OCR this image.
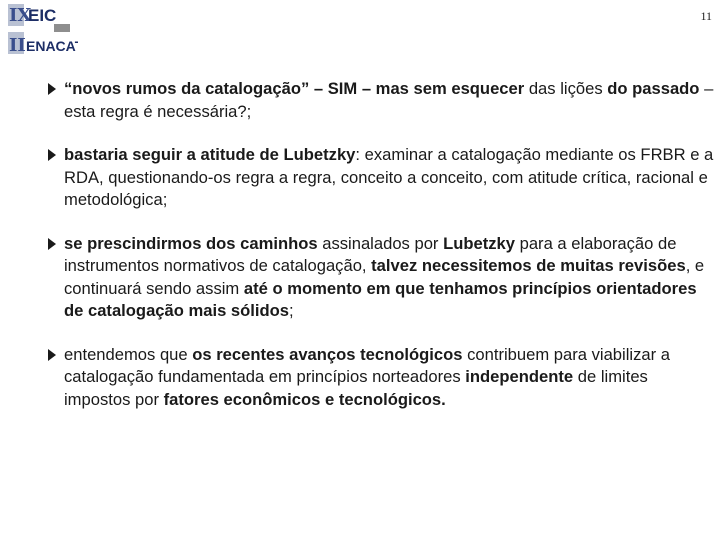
IX
EIC
II ENACAT
11
“novos rumos da catalogação” – SIM – mas sem esquecer das lições do passado – esta regra é necessária?;
bastaria seguir a atitude de Lubetzky: examinar a catalogação mediante os FRBR e a RDA, questionando-os regra a regra, conceito a conceito, com atitude crítica, racional e metodológica;
se prescindirmos dos caminhos assinalados por Lubetzky para a elaboração de instrumentos normativos de catalogação, talvez necessitemos de muitas revisões, e continuará sendo assim até o momento em que tenhamos princípios orientadores de catalogação mais sólidos;
entendemos que os recentes avanços tecnológicos contribuem para viabilizar a catalogação fundamentada em princípios norteadores independente de limites impostos por fatores econômicos e tecnológicos.
